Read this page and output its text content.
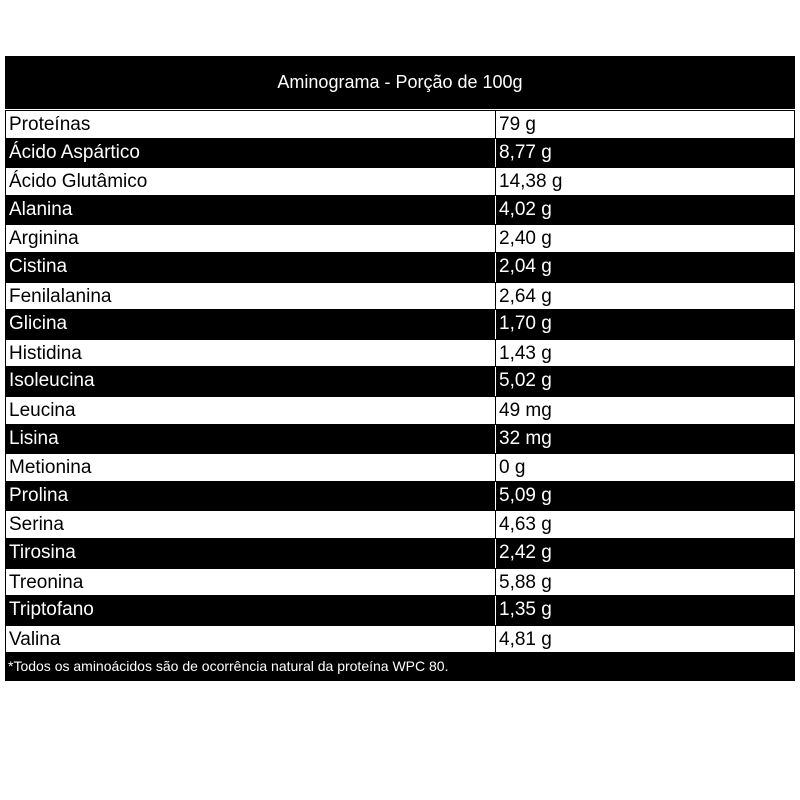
Aminograma - Porção de 100g
Proteínas	79 g
Ácido Aspártico	8,77 g
Ácido Glutâmico	14,38 g
Alanina	4,02 g
Arginina	2,40 g
Cistina	2,04 g
Fenilalanina	2,64 g
Glicina	1,70 g
Histidina	1,43 g
Isoleucina	5,02 g
Leucina	49 mg
Lisina	32 mg
Metionina	0 g
Prolina	5,09 g
Serina	4,63 g
Tirosina	2,42 g
Treonina	5,88 g
Triptofano	1,35 g
Valina	4,81 g
*Todos os aminoácidos são de ocorrência natural da proteína WPC 80.
